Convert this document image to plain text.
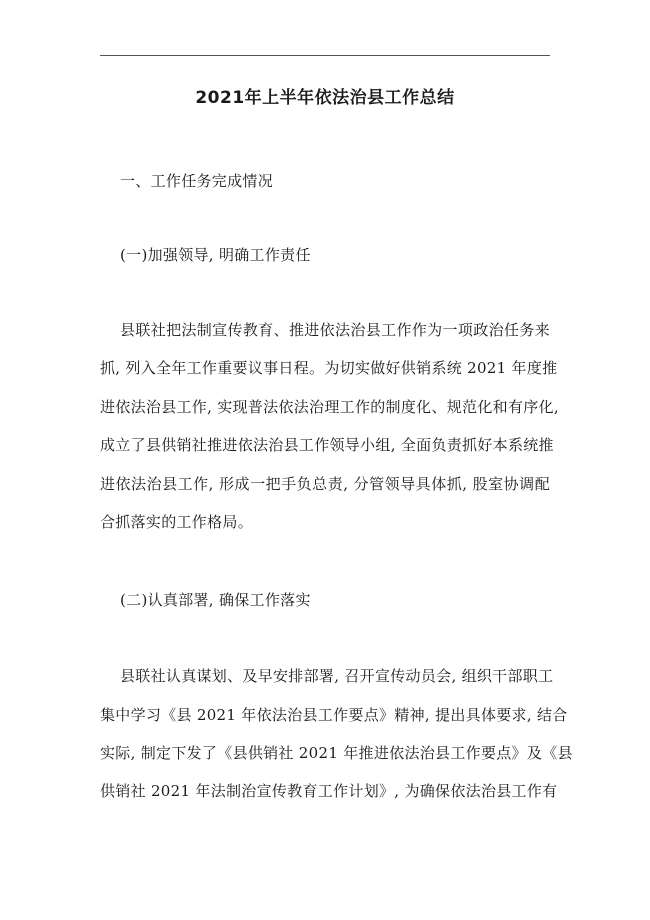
2021年上半年依法治县工作总结
一、工作任务完成情况
(一)加强领导, 明确工作责任
县联社把法制宣传教育、推进依法治县工作作为一项政治任务来
抓, 列入全年工作重要议事日程。为切实做好供销系统 2021 年度推
进依法治县工作, 实现普法依法治理工作的制度化、规范化和有序化,
成立了县供销社推进依法治县工作领导小组, 全面负责抓好本系统推
进依法治县工作, 形成一把手负总责, 分管领导具体抓, 股室协调配
合抓落实的工作格局。
(二)认真部署, 确保工作落实
县联社认真谋划、及早安排部署, 召开宣传动员会, 组织干部职工
集中学习《县 2021 年依法治县工作要点》精神, 提出具体要求, 结合
实际, 制定下发了《县供销社 2021 年推进依法治县工作要点》及《县
供销社 2021 年法制治宣传教育工作计划》, 为确保依法治县工作有
